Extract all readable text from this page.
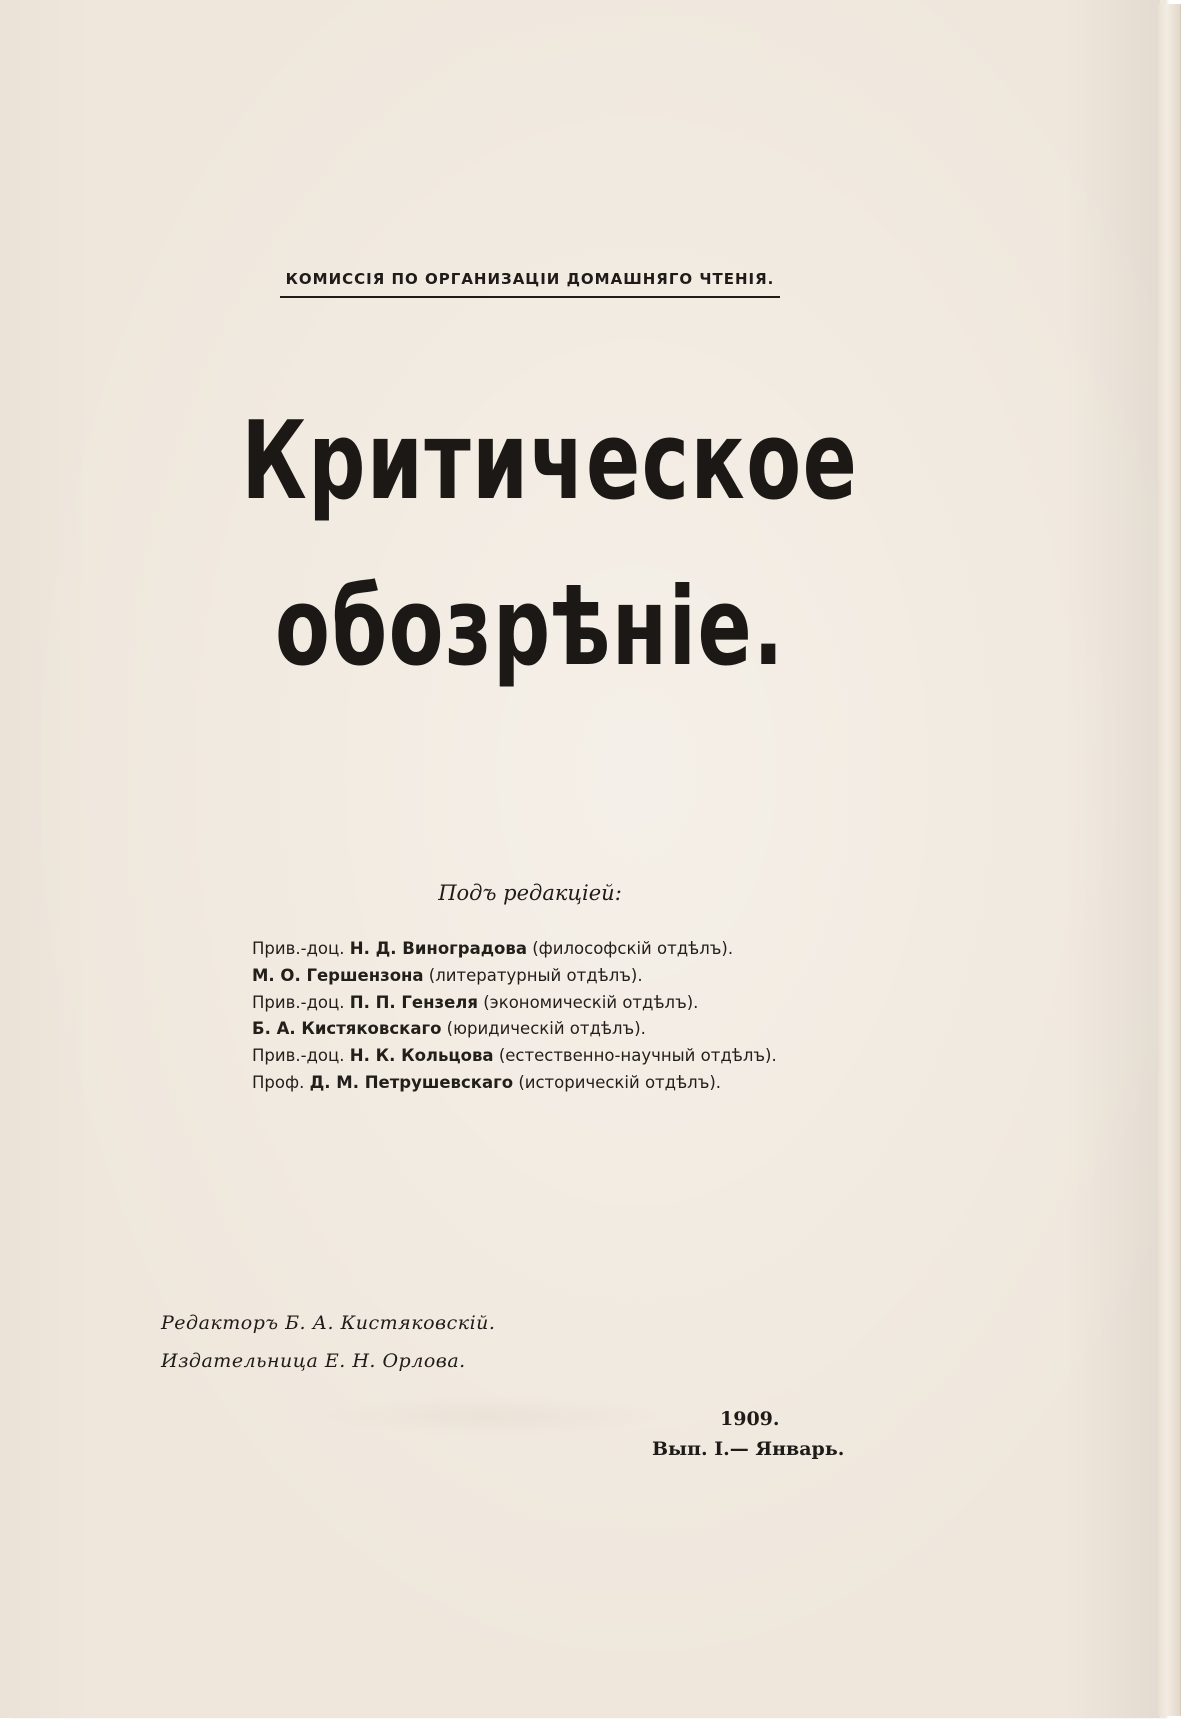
КОМИССІЯ ПО ОРГАНИЗАЦІИ ДОМАШНЯГО ЧТЕНІЯ.
Критическое
обозрѣніе.
Подъ редакціей:
Прив.-доц. Н. Д. Виноградова (философскій отдѣлъ).
М. О. Гершензона (литературный отдѣлъ).
Прив.-доц. П. П. Гензеля (экономическій отдѣлъ).
Б. А. Кистяковскаго (юридическій отдѣлъ).
Прив.-доц. Н. К. Кольцова (естественно-научный отдѣлъ).
Проф. Д. М. Петрушевскаго (историческій отдѣлъ).
Редакторъ Б. А. Кистяковскій.
Издательница Е. Н. Орлова.
1909.
Вып. I.— Январь.
